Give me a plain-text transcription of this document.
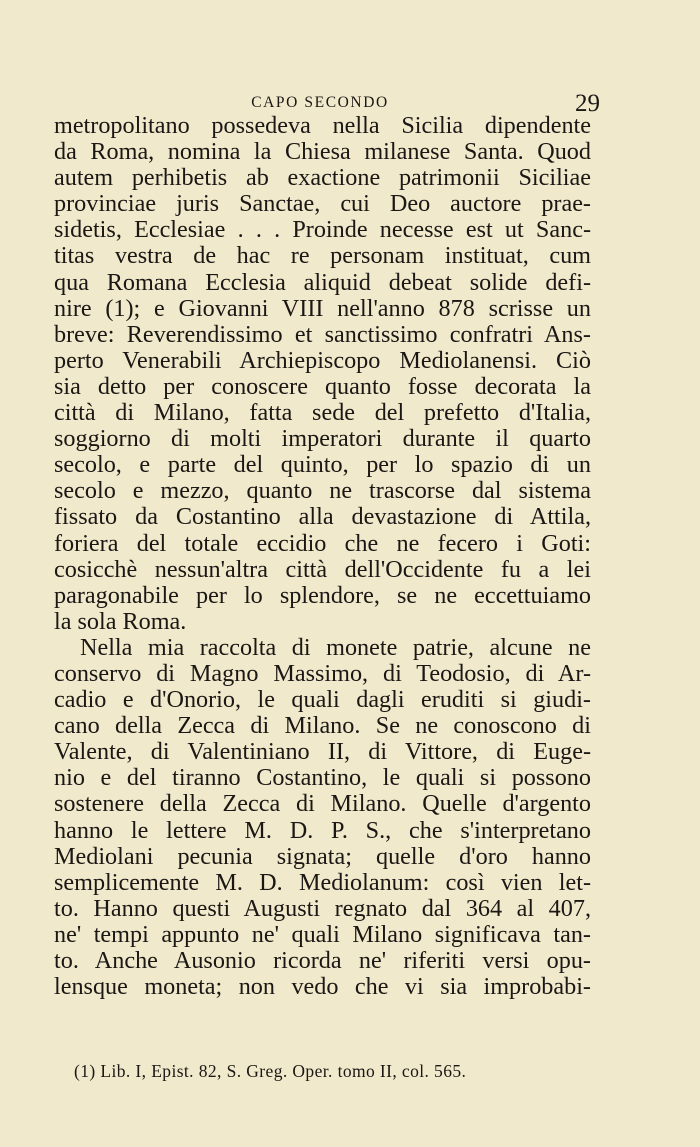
CAPO SECONDO	29
metropolitano possedeva nella Sicilia dipendente
da Roma, nomina la Chiesa milanese Santa. Quod
autem perhibetis ab exactione patrimonii Siciliae
provinciae juris Sanctae, cui Deo auctore prae-
sidetis, Ecclesiae . . . Proinde necesse est ut Sanc-
titas vestra de hac re personam instituat, cum
qua Romana Ecclesia aliquid debeat solide defi-
nire (1); e Giovanni VIII nell'anno 878 scrisse un
breve: Reverendissimo et sanctissimo confratri Ans-
perto Venerabili Archiepiscopo Mediolanensi. Ciò
sia detto per conoscere quanto fosse decorata la
città di Milano, fatta sede del prefetto d'Italia,
soggiorno di molti imperatori durante il quarto
secolo, e parte del quinto, per lo spazio di un
secolo e mezzo, quanto ne trascorse dal sistema
fissato da Costantino alla devastazione di Attila,
foriera del totale eccidio che ne fecero i Goti:
cosicchè nessun'altra città dell'Occidente fu a lei
paragonabile per lo splendore, se ne eccettuiamo
la sola Roma.
Nella mia raccolta di monete patrie, alcune ne
conservo di Magno Massimo, di Teodosio, di Ar-
cadio e d'Onorio, le quali dagli eruditi si giudi-
cano della Zecca di Milano. Se ne conoscono di
Valente, di Valentiniano II, di Vittore, di Euge-
nio e del tiranno Costantino, le quali si possono
sostenere della Zecca di Milano. Quelle d'argento
hanno le lettere M. D. P. S., che s'interpretano
Mediolani pecunia signata; quelle d'oro hanno
semplicemente M. D. Mediolanum: così vien let-
to. Hanno questi Augusti regnato dal 364 al 407,
ne' tempi appunto ne' quali Milano significava tan-
to. Anche Ausonio ricorda ne' riferiti versi opu-
lensque moneta; non vedo che vi sia improbabi-
(1) Lib. I, Epist. 82, S. Greg. Oper. tomo II, col. 565.
